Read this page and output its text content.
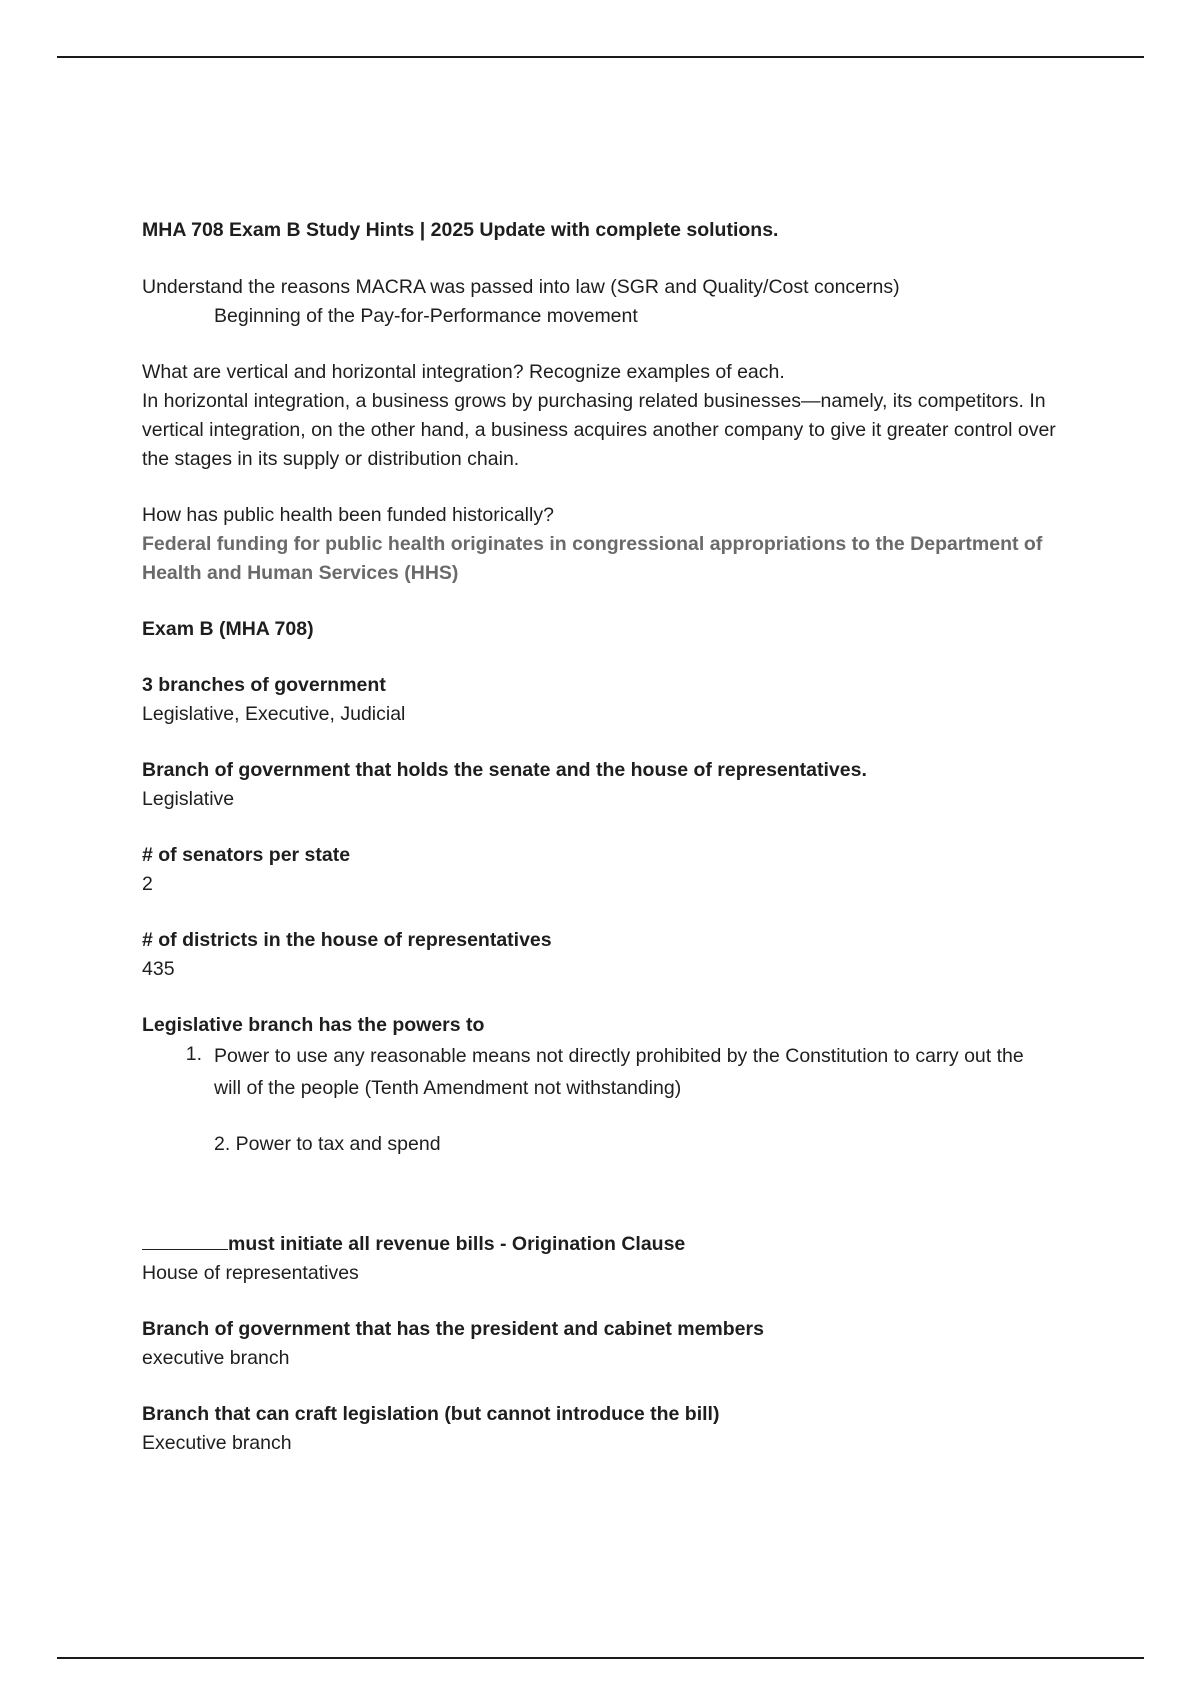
MHA 708 Exam B Study Hints | 2025 Update with complete solutions.
Understand the reasons MACRA was passed into law (SGR and Quality/Cost concerns)
Beginning of the Pay-for-Performance movement
What are vertical and horizontal integration? Recognize examples of each.
In horizontal integration, a business grows by purchasing related businesses—namely, its competitors. In vertical integration, on the other hand, a business acquires another company to give it greater control over the stages in its supply or distribution chain.
How has public health been funded historically?
Federal funding for public health originates in congressional appropriations to the Department of Health and Human Services (HHS)
Exam B (MHA 708)
3 branches of government
Legislative, Executive, Judicial
Branch of government that holds the senate and the house of representatives.
Legislative
# of senators per state
2
# of districts in the house of representatives
435
Legislative branch has the powers to
1. Power to use any reasonable means not directly prohibited by the Constitution to carry out the will of the people (Tenth Amendment not withstanding)
2. Power to tax and spend
must initiate all revenue bills - Origination Clause
House of representatives
Branch of government that has the president and cabinet members
executive branch
Branch that can craft legislation (but cannot introduce the bill)
Executive branch
